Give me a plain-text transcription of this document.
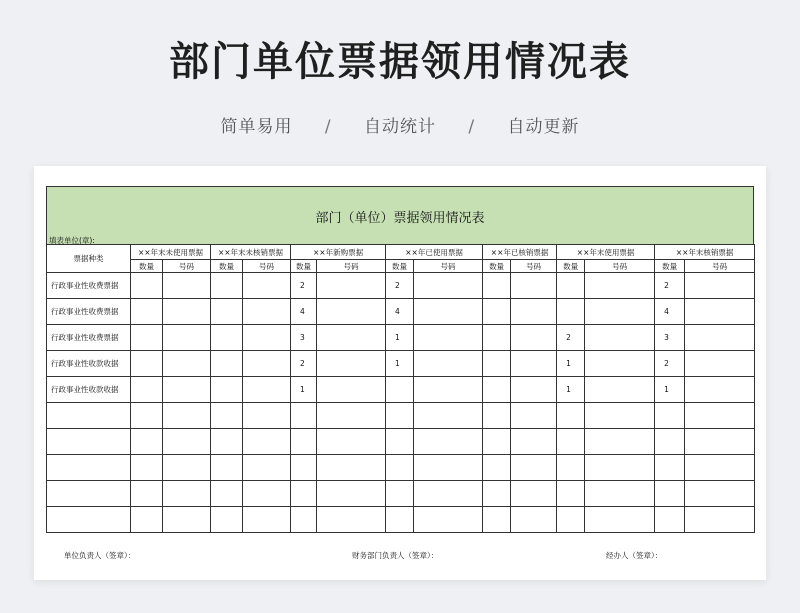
部门单位票据领用情况表
简单易用 / 自动统计 / 自动更新
部门（单位）票据领用情况表
填表单位(章):
票据种类	××年末未使用票据		××年末未核销票据		××年新购票据		××年已使用票据		××年已核销票据		××年末使用票据		××年末核销票据	
	数量	号码	数量	号码	数量	号码	数量	号码	数量	号码	数量	号码	数量	号码
行政事业性收费票据					2		2						2	
行政事业性收费票据					4		4						4	
行政事业性收费票据					3		1				2		3	
行政事业性收款收据					2		1				1		2	
行政事业性收款收据					1						1		1	

单位负责人（签章）：	财务部门负责人（签章）：	经办人（签章）：
